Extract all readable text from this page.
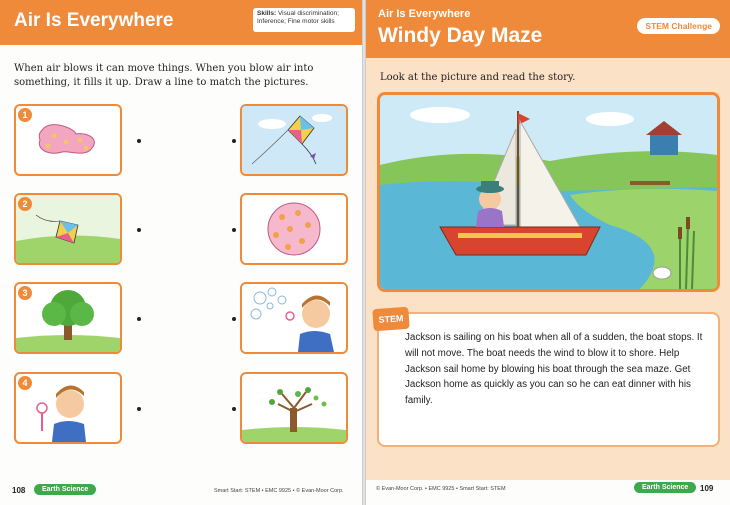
Air Is Everywhere	Skills: Visual discrimination; Inference; Fine motor skills
When air blows it can move things. When you blow air into something, it fills it up. Draw a line to match the pictures.
1
2
3
4
108	Earth Science	Smart Start: STEM • EMC 9925 • © Evan-Moor Corp.
Air Is Everywhere
Windy Day Maze	STEM Challenge
Look at the picture and read the story.
STEM
Jackson is sailing on his boat when all of a sudden, the boat stops. It will not move. The boat needs the wind to blow it to shore. Help Jackson sail home by blowing his boat through the sea maze. Get Jackson home as quickly as you can so he can eat dinner with his family.
© Evan-Moor Corp. • EMC 9925 • Smart Start: STEM	Earth Science	109
